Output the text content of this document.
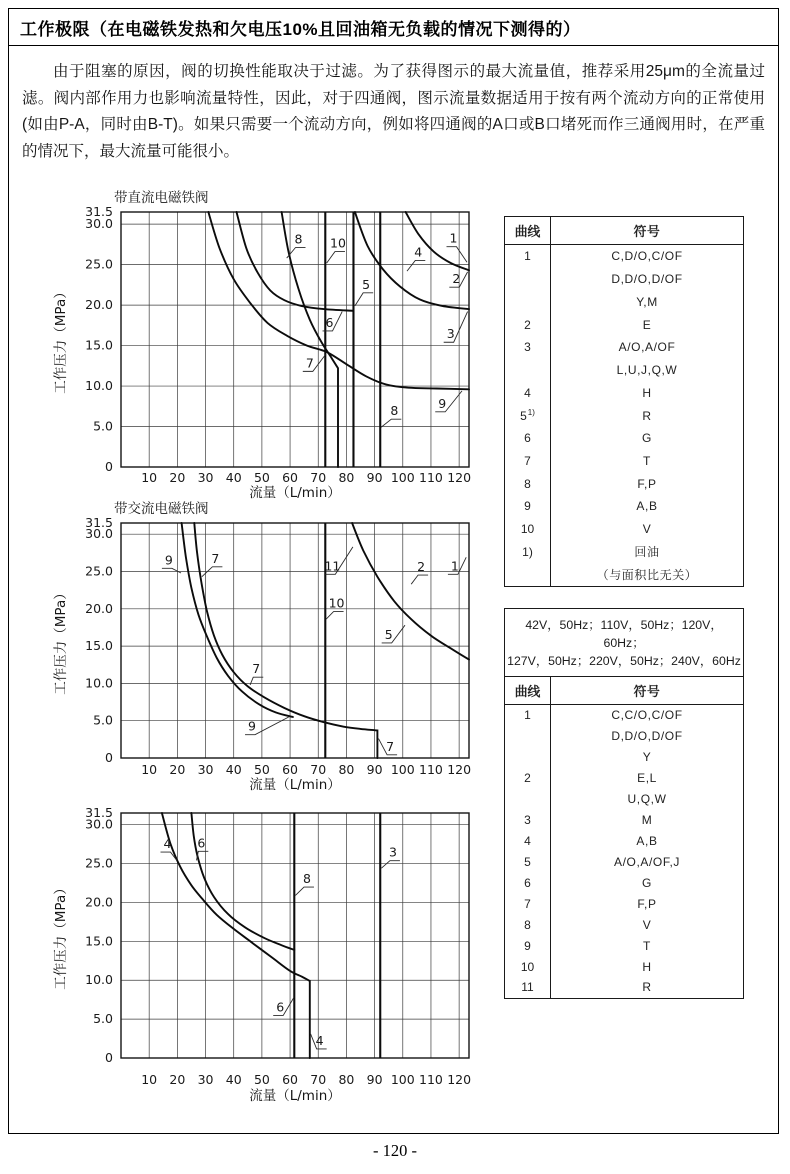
工作极限（在电磁铁发热和欠电压10%且回油箱无负载的情况下测得的）

由于阻塞的原因，阀的切换性能取决于过滤。为了获得图示的最大流量值，推荐采用25μm的全流量过滤。阀内部作用力也影响流量特性，因此，对于四通阀，图示流量数据适用于按有两个流动方向的正常使用(如由P-A，同时由B-T)。如果只需要一个流动方向，例如将四通阀的A口或B口堵死而作三通阀用时，在严重的情况下，最大流量可能很小。

31.5
30.0
25.0
20.0
15.0
10.0
5.0
0
10 20 30 40 50 60 70 80 90 100 110 120
带直流电磁铁阀
工作压力（MPa）
流量（L/min）
8 10
4
1
5	2
6
3
7
8	9
31.5
30.0
25.0
20.0
15.0
10.0
5.0
0
10 20 30 40 50 60 70 80 90 100 110 120
带交流电磁铁阀
工作压力（MPa）
流量（L/min）
9	7	11
10
2 1
5
7
9
7
31.5
30.0
25.0
20.0
15.0
10.0
5.0
0
10 20 30 40 50 60 70 80 90 100 110 120
工作压力（MPa）
流量（L/min）
4 6
3
8
6
4
曲线	符号
1	C,D/O,C/OF
D,D/O,D/OF
Y,M
2	E
3	A/O,A/OF
L,U,J,Q,W
4	H
5 1)	R
6	G
7	T
8	F,P
9	A,B
10	V
1)	回油
（与面积比无关）
42V，50Hz；110V，50Hz；120V，60Hz；
127V，50Hz；220V，50Hz；240V，60Hz
曲线	符号
1	C,C/O,C/OF
D,D/O,D/OF
Y
2	E,L
U,Q,W
3	M
4	A,B
5	A/O,A/OF,J
6	G
7	F,P
8	V
9	T
10	H
11	R
- 120 -
